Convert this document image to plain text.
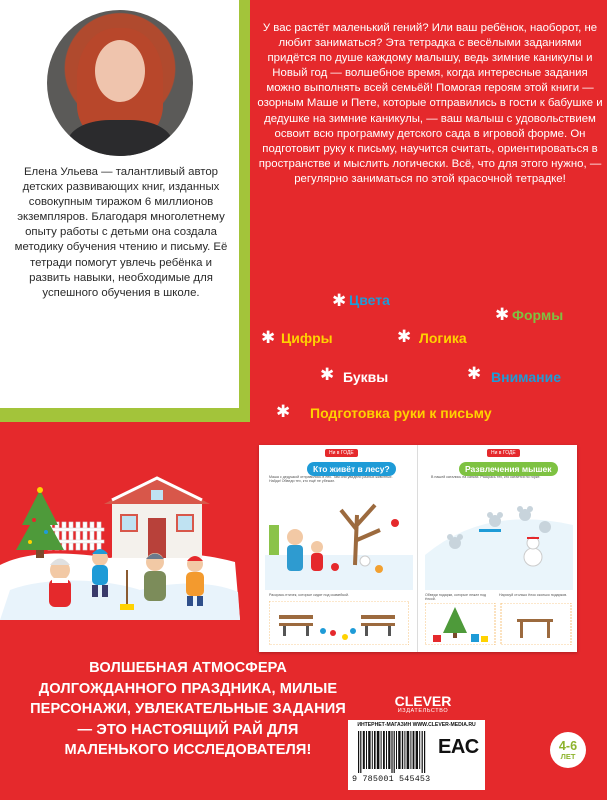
Елена Ульева — талантливый автор детских развивающих книг, изданных совокупным тиражом 6 миллионов экземпляров. Благодаря многолетнему опыту работы с детьми она создала методику обучения чтению и письму. Её тетради помогут увлечь ребёнка и развить навыки, необходимые для успешного обучения в школе.

У вас растёт маленький гений? Или ваш ребёнок, наоборот, не любит заниматься? Эта тетрадка с весёлыми заданиями придётся по душе каждому малышу, ведь зимние каникулы и Новый год — волшебное время, когда интересные задания можно выполнять всей семьёй! Помогая героям этой книги — озорным Маше и Пете, которые отправились в гости к бабушке и дедушке на зимние каникулы, — ваш малыш с удовольствием освоит всю программу детского сада в игровой форме. Он подготовит руку к письму, научится считать, ориентироваться в пространстве и мыслить логически. Всё, что для этого нужно, — регулярно заниматься по этой красочной тетрадке!

✱ Цвета
✱ Формы
✱ Цифры	✱ Логика
✱ Буквы	✱ Внимание
✱ Подготовка руки к письму
Ни в ГОДЕ
Кто живёт в лесу?
Маша с дедушкой отправились в лес. Там они увидели разных животных. Найди! Обведи тех, кто ещё не убежал.
Раскрась птичек, которые сидят под скамейкой.
Ни в ГОДЕ
Развлечения мышек
В нашей катались на санках. Раскрась тех, кто катается по горке.
Обведи подарки, которые лежат под ёлкой.
Нарисуй столько ёлок сколько подарков.

ВОЛШЕБНАЯ АТМОСФЕРА ДОЛГОЖДАННОГО ПРАЗДНИКА, МИЛЫЕ ПЕРСОНАЖИ, УВЛЕКАТЕЛЬНЫЕ ЗАДАНИЯ — ЭТО НАСТОЯЩИЙ РАЙ ДЛЯ МАЛЕНЬКОГО ИССЛЕДОВАТЕЛЯ!

CLEVER
ИЗДАТЕЛЬСТВО
ИНТЕРНЕТ-МАГАЗИН WWW.CLEVER-MEDIA.RU
9 785001 545453
EAC	4-6
ЛЕТ
